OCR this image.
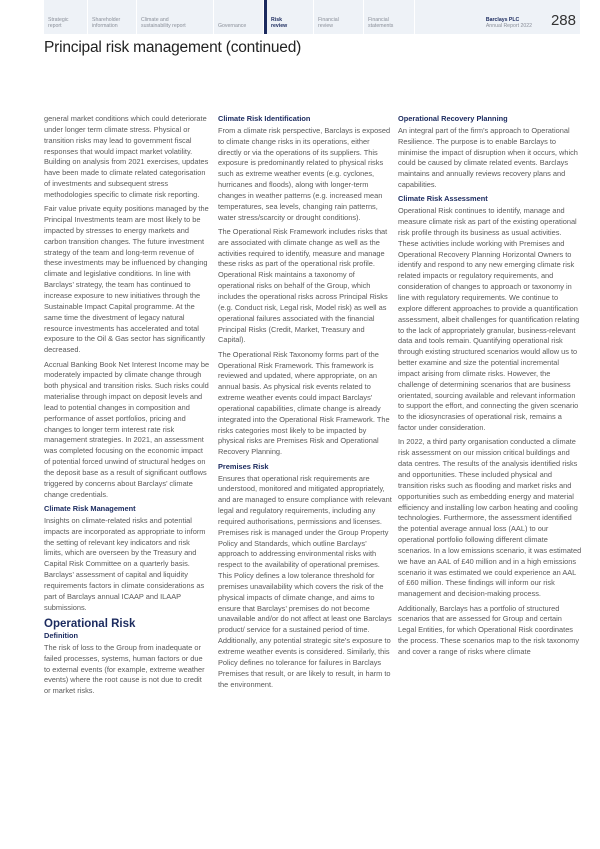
Strategic
report
Shareholder
information
Climate and
sustainability report	Governance
Risk
review
Financial
review
Financial
statements
Barclays PLC
Annual Report 2022 288
Principal risk management (continued)

general market conditions which could deteriorate under longer term climate stress. Physical or transition risks may lead to government fiscal responses that would impact market volatility. Building on analysis from 2021 exercises, updates have been made to climate related categorisation of investments and subsequent stress methodologies specific to climate risk reporting.

Fair value private equity positions managed by the Principal Investments team are most likely to be impacted by stresses to energy markets and carbon transition changes. The future investment strategy of the team and long-term revenue of these investments may be influenced by changing climate and legislative conditions. In line with Barclays’ strategy, the team has continued to increase exposure to new initiatives through the Sustainable Impact Capital programme. At the same time the divestment of legacy natural resource investments has accelerated and total exposure to the Oil & Gas sector has significantly decreased.

Accrual Banking Book Net Interest Income may be moderately impacted by climate change through both physical and transition risks. Such risks could materialise through impact on deposit levels and lead to potential changes in composition and performance of asset portfolios, pricing and changes to longer term interest rate risk management strategies. In 2021, an assessment was completed focusing on the economic impact of potential forced unwind of structural hedges on the deposit base as a result of significant outflows triggered by concerns about Barclays’ climate change credentials.

Climate Risk Management

Insights on climate-related risks and potential impacts are incorporated as appropriate to inform the setting of relevant key indicators and risk limits, which are overseen by the Treasury and Capital Risk Committee on a quarterly basis. Barclays’ assessment of capital and liquidity requirements factors in climate considerations as part of Barclays annual ICAAP and ILAAP submissions.

Operational Risk
Definition

The risk of loss to the Group from inadequate or failed processes, systems, human factors or due to external events (for example, extreme weather events) where the root cause is not due to credit or market risks.

Climate Risk Identification

From a climate risk perspective, Barclays is exposed to climate change risks in its operations, either directly or via the operations of its suppliers. This exposure is predominantly related to physical risks such as extreme weather events (e.g. cyclones, hurricanes and floods), along with longer-term changes in weather patterns (e.g. increased mean temperatures, sea levels, changing rain patterns, water stress/scarcity or drought conditions).

The Operational Risk Framework includes risks that are associated with climate change as well as the activities required to identify, measure and manage these risks as part of the operational risk profile. Operational Risk maintains a taxonomy of operational risks on behalf of the Group, which includes the operational risks across Principal Risks (e.g. Conduct risk, Legal risk, Model risk) as well as operational failures associated with the financial Principal Risks (Credit, Market, Treasury and Capital).

The Operational Risk Taxonomy forms part of the Operational Risk Framework. This framework is reviewed and updated, where appropriate, on an annual basis. As physical risk events related to extreme weather events could impact Barclays’ operational capabilities, climate change is already integrated into the Operational Risk Framework. The risks categories most likely to be impacted by physical risks are Premises Risk and Operational Recovery Planning.

Premises Risk

Ensures that operational risk requirements are understood, monitored and mitigated appropriately, and are managed to ensure compliance with relevant legal and regulatory requirements, including any required authorisations, permissions and licenses. Premises risk is managed under the Group Property Policy and Standards, which outline Barclays’ approach to addressing environmental risks with respect to the availability of operational premises. This Policy defines a low tolerance threshold for premises unavailability which covers the risk of the physical impacts of climate change, and aims to ensure that Barclays’ premises do not become unavailable and/or do not affect at least one Barclays product/ service for a sustained period of time. Additionally, any potential strategic site’s exposure to extreme weather events is considered. Similarly, this Policy defines no tolerance for failures in Barclays Premises that result, or are likely to result, in harm to the environment.

Operational Recovery Planning

An integral part of the firm’s approach to Operational Resilience. The purpose is to enable Barclays to minimise the impact of disruption when it occurs, which could be caused by climate related events. Barclays maintains and annually reviews recovery plans and capabilities.

Climate Risk Assessment

Operational Risk continues to identify, manage and measure climate risk as part of the existing operational risk profile through its business as usual activities. These activities include working with Premises and Operational Recovery Planning Horizontal Owners to identify and respond to any new emerging climate risk related impacts or regulatory requirements, and consideration of changes to approach or taxonomy in line with regulatory requirements. We continue to explore different approaches to provide a quantification assessment, albeit challenges for quantification relating to the lack of appropriately granular, business-relevant data and tools remain. Quantifying operational risk through existing structured scenarios would allow us to better examine and size the potential incremental impact arising from climate risks. However, the challenge of determining scenarios that are business orientated, sourcing available and relevant information to support the effort, and connecting the given scenario to the idiosyncrasies of operational risk, remains a factor under consideration.

In 2022, a third party organisation conducted a climate risk assessment on our mission critical buildings and data centres. The results of the analysis identified risks and opportunities. These included physical and transition risks such as flooding and market risks and opportunities such as embedding energy and material efficiency and installing low carbon heating and cooling technologies. Furthermore, the assessment identified the potential average annual loss (AAL) to our operational portfolio following different climate scenarios. In a low emissions scenario, it was estimated we have an AAL of £40 million and in a high emissions scenario it was estimated we could experience an AAL of £60 million. These findings will inform our risk management and decision-making process.

Additionally, Barclays has a portfolio of structured scenarios that are assessed for Group and certain Legal Entities, for which Operational Risk coordinates the process. These scenarios map to the risk taxonomy and cover a range of risks where climate
